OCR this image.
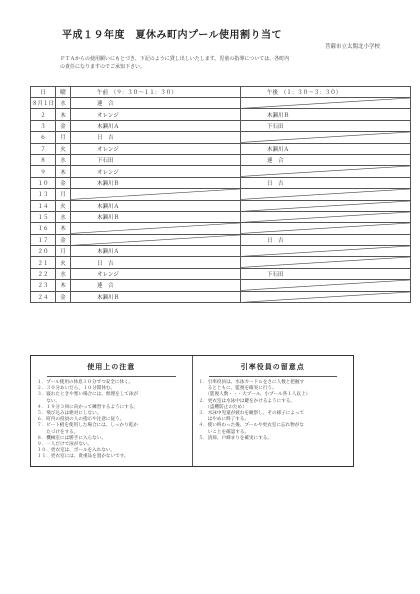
平成１９年度　夏休み町内プール使用割り当て
菩薩市立太閤北小学校
ＰＴＡからの使用願いにもとづき、下記のように貸し出しいたします。児童の指導については、各町内
の責任になりますのでご承知下さい。
日	曜	午前　（９：３０〜１１：３０）	午後　（１：３０〜３：３０）
８月１日	水	連　合	

２	木	オレンジ	木瀬川Ｂ
３	金	木瀬川Ａ	下石田
６	月	日　吉	

７	火	オレンジ	木瀬川Ａ
８	水	下石田	連　合
９	木	オレンジ	

１０	金	木瀬川Ｂ	日　吉
１３	月	

１４	火	木瀬川Ａ	

１５	水	木瀬川Ｂ	

１６	木	

１７	金		日　吉
２０	月	木瀬川Ａ	

２１	火	日　吉	

２２	水	オレンジ	下石田
２３	木	連　合	

２４	金	木瀬川Ｂ	
使用上の注意
１．プール使用の休息１０分ずつ安全に休く。
２．３０分あいだら、１０分間休む。
３．寝れたときや寒い場合には、無理をして泳が
　　ない。
４．１９分３回に向かって練習するようにする。
５．飛び込みは絶対にしない。
６．町内の役員の人の指示や注意に従う。
７．ビート板を使用した場合には、しっかり乾か
　　たづけをする。
８．機械室には勝手に入らない。
９．一人だけで泳がない。
１０．更衣室は、ボールを入れない。
１１．更衣室には、貴重品を置かないです。
引率役員の留意点
１．引率役員は、水泳カード６をさに人数と把握す
　　るとともに、監視を確実に行う。
　　（監視人数・・・大プール、小プール各１人以上）
２．更衣室は水泳中は鍵をかけるようにする。
　　（盗難防止のため）
３．水泳中児童が疲れを観察し、その様子によって
　　はやめに終了する。
４．使い終わった後、プールや更衣室に忘れ物がな
　　いことを確認する。
５．清掃、戸締まりを確実にする。
